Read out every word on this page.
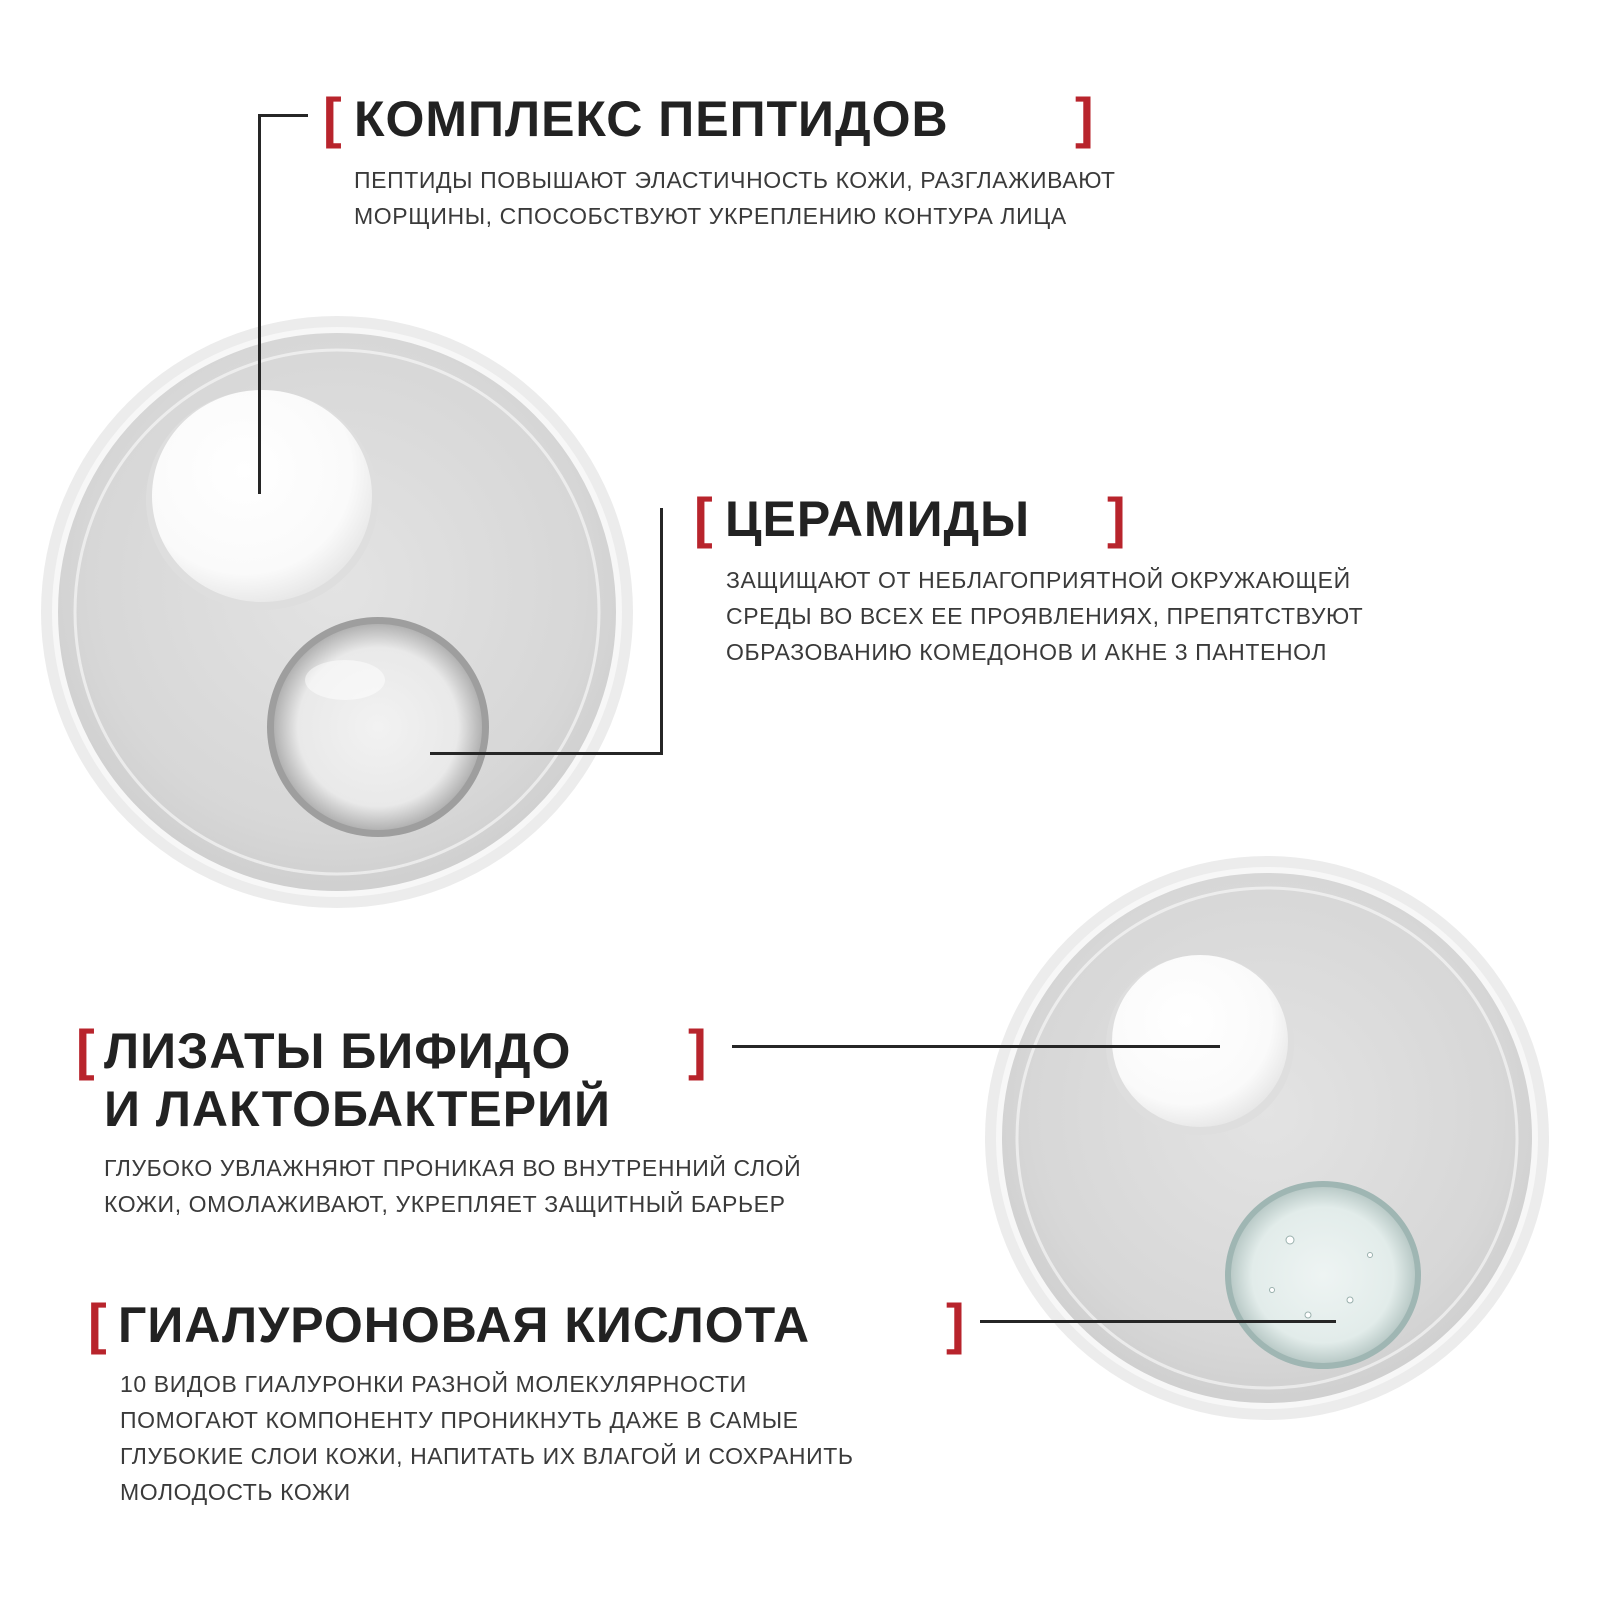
[ КОМПЛЕКС ПЕПТИДОВ ]

ПЕПТИДЫ ПОВЫШАЮТ ЭЛАСТИЧНОСТЬ КОЖИ, РАЗГЛАЖИВАЮТ
МОРЩИНЫ, СПОСОБСТВУЮТ УКРЕПЛЕНИЮ КОНТУРА ЛИЦА

[ ЦЕРАМИДЫ ]

ЗАЩИЩАЮТ ОТ НЕБЛАГОПРИЯТНОЙ ОКРУЖАЮЩЕЙ
СРЕДЫ ВО ВСЕХ ЕЕ ПРОЯВЛЕНИЯХ, ПРЕПЯТСТВУЮТ
ОБРАЗОВАНИЮ КОМЕДОНОВ И АКНЕ 3 ПАНТЕНОЛ

[ ЛИЗАТЫ БИФИДО ]
И ЛАКТОБАКТЕРИЙ

ГЛУБОКО УВЛАЖНЯЮТ ПРОНИКАЯ ВО ВНУТРЕННИЙ СЛОЙ
КОЖИ, ОМОЛАЖИВАЮТ, УКРЕПЛЯЕТ ЗАЩИТНЫЙ БАРЬЕР

[ ГИАЛУРОНОВАЯ КИСЛОТА ]

10 ВИДОВ ГИАЛУРОНКИ РАЗНОЙ МОЛЕКУЛЯРНОСТИ
ПОМОГАЮТ КОМПОНЕНТУ ПРОНИКНУТЬ ДАЖЕ В САМЫЕ
ГЛУБОКИЕ СЛОИ КОЖИ, НАПИТАТЬ ИХ ВЛАГОЙ И СОХРАНИТЬ
МОЛОДОСТЬ КОЖИ
